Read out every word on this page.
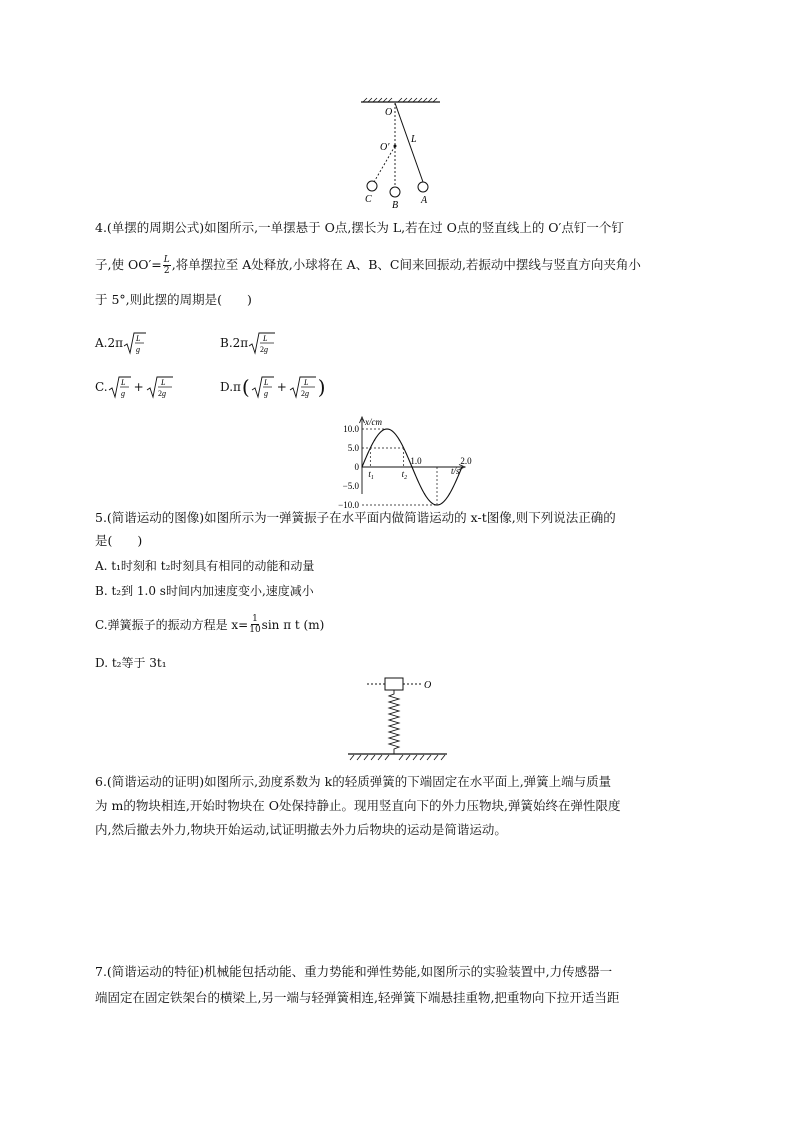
O
O′
L
A
B
C
4.(单摆的周期公式)如图所示,一单摆悬于 O点,摆长为 L,若在过 O点的竖直线上的 O′点钉一个钉
子,使 $OO'= \frac{L}{2}$ ,将单摆拉至 A处释放,小球将在 A、B、C间来回振动,若振动中摆线与竖直方向夹角小
于 5°,则此摆的周期是(　　)
A.2π L
g	B.2π L
2g
C. L
g + L
2g	D.π ( L
g + L
2g )
x/cm
t/s
10.0
5.0
0
−5.0
−10.0
1.0	2.0
$t_1$	$t_2$
5.(简谐运动的图像)如图所示为一弹簧振子在水平面内做简谐运动的 x-t图像,则下列说法正确的
是(　　)
A. t₁时刻和 t₂时刻具有相同的动能和动量
B. t₂到 1.0 s时间内加速度变小,速度减小
C.弹簧振子的振动方程是 $x= \frac{1}{10}$ sin π t (m)
D. t₂等于 3t₁
O
6.(简谐运动的证明)如图所示,劲度系数为 k的轻质弹簧的下端固定在水平面上,弹簧上端与质量
为 m的物块相连,开始时物块在 O处保持静止。现用竖直向下的外力压物块,弹簧始终在弹性限度
内,然后撤去外力,物块开始运动,试证明撤去外力后物块的运动是简谐运动。
7.(简谐运动的特征)机械能包括动能、重力势能和弹性势能,如图所示的实验装置中,力传感器一
端固定在固定铁架台的横梁上,另一端与轻弹簧相连,轻弹簧下端悬挂重物,把重物向下拉开适当距
